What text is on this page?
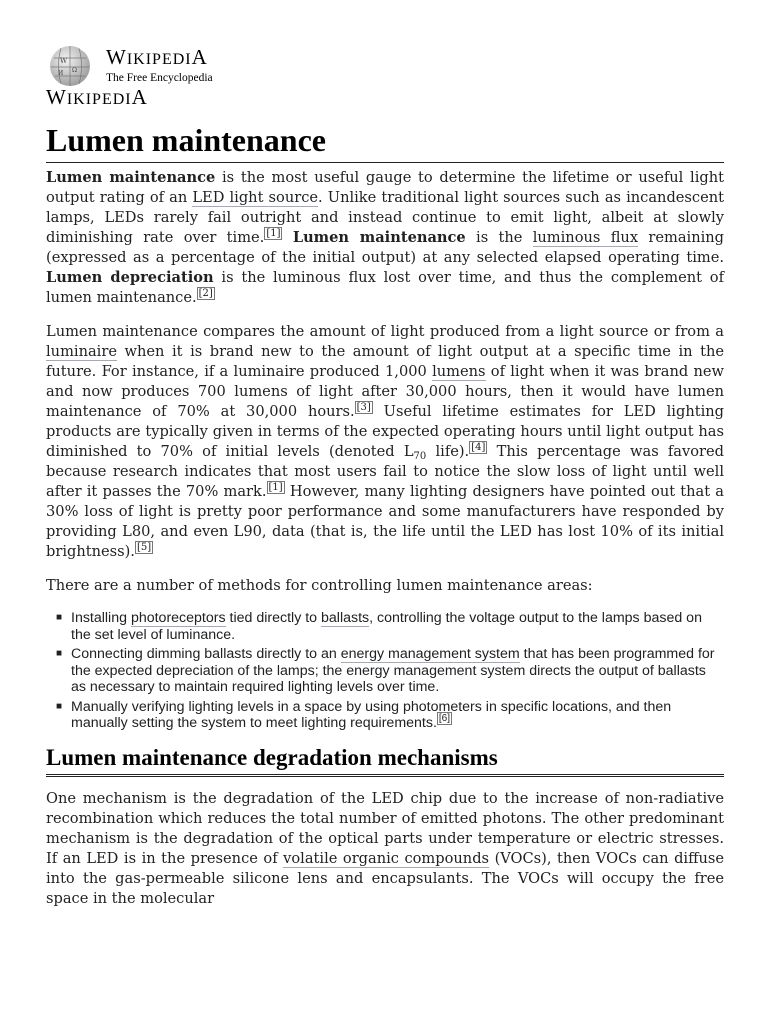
W
Ω
И
WIKIPEDIA
The Free Encyclopedia
WIKIPEDIA
Lumen maintenance

Lumen maintenance is the most useful gauge to determine the lifetime or useful light output rating of an LED light source. Unlike traditional light sources such as incandescent lamps, LEDs rarely fail outright and instead continue to emit light, albeit at slowly diminishing rate over time. [1] Lumen maintenance is the luminous flux remaining (expressed as a percentage of the initial output) at any selected elapsed operating time. Lumen depreciation is the luminous flux lost over time, and thus the complement of lumen maintenance. [2]

Lumen maintenance compares the amount of light produced from a light source or from a luminaire when it is brand new to the amount of light output at a specific time in the future. For instance, if a luminaire produced 1,000 lumens of light when it was brand new and now produces 700 lumens of light after 30,000 hours, then it would have lumen maintenance of 70% at 30,000 hours. [3] Useful lifetime estimates for LED lighting products are typically given in terms of the expected operating hours until light output has diminished to 70% of initial levels (denoted $L_{70}$ life). [4] This percentage was favored because research indicates that most users fail to notice the slow loss of light until well after it passes the 70% mark. [1] However, many lighting designers have pointed out that a 30% loss of light is pretty poor performance and some manufacturers have responded by providing L80, and even L90, data (that is, the life until the LED has lost 10% of its initial brightness). [5]

There are a number of methods for controlling lumen maintenance areas:

■ Installing photoreceptors tied directly to ballasts, controlling the voltage output to the lamps based on the set level of luminance.
■ Connecting dimming ballasts directly to an energy management system that has been programmed for the expected depreciation of the lamps; the energy management system directs the output of ballasts as necessary to maintain required lighting levels over time.
■ Manually verifying lighting levels in a space by using photometers in specific locations, and then manually setting the system to meet lighting requirements. [6]
Lumen maintenance degradation mechanisms

One mechanism is the degradation of the LED chip due to the increase of non-radiative recombination which reduces the total number of emitted photons. The other predominant mechanism is the degradation of the optical parts under temperature or electric stresses. If an LED is in the presence of volatile organic compounds (VOCs), then VOCs can diffuse into the gas-permeable silicone lens and encapsulants. The VOCs will occupy the free space in the molecular
